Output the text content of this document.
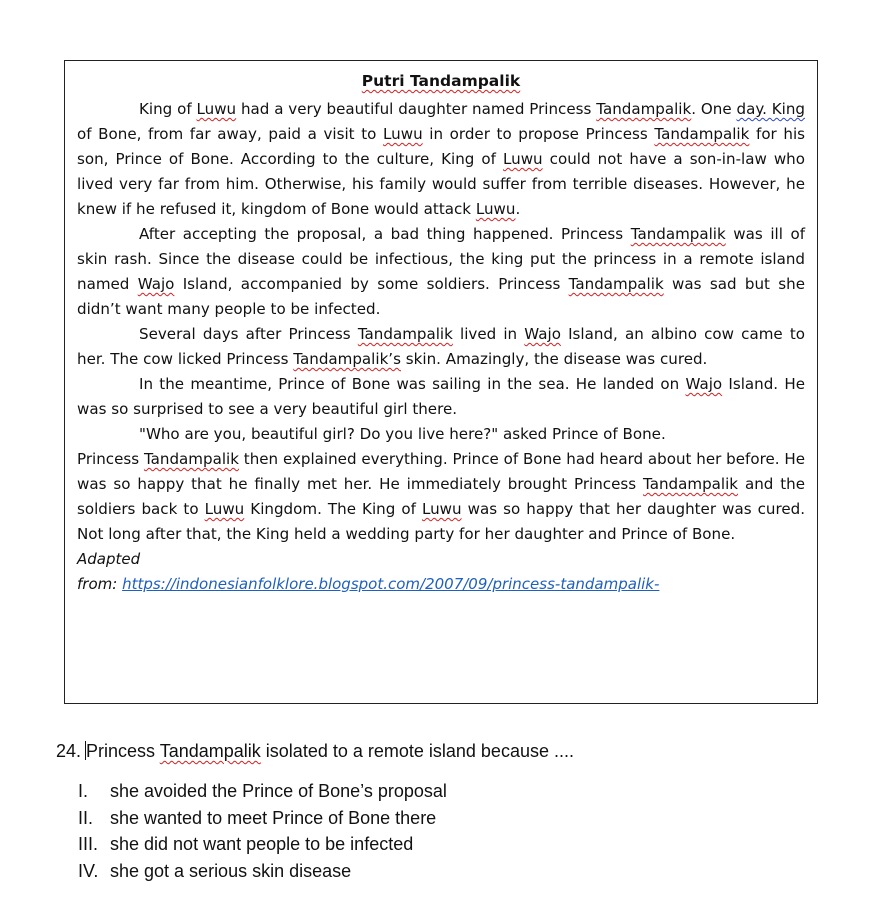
Putri Tandampalik

King of Luwu had a very beautiful daughter named Princess Tandampalik. One day. King of Bone, from far away, paid a visit to Luwu in order to propose Princess Tandampalik for his son, Prince of Bone. According to the culture, King of Luwu could not have a son-in-law who lived very far from him. Otherwise, his family would suffer from terrible diseases. However, he knew if he refused it, kingdom of Bone would attack Luwu.

After accepting the proposal, a bad thing happened. Princess Tandampalik was ill of skin rash. Since the disease could be infectious, the king put the princess in a remote island named Wajo Island, accompanied by some soldiers. Princess Tandampalik was sad but she didn’t want many people to be infected.

Several days after Princess Tandampalik lived in Wajo Island, an albino cow came to her. The cow licked Princess Tandampalik’s skin. Amazingly, the disease was cured.

In the meantime, Prince of Bone was sailing in the sea. He landed on Wajo Island. He was so surprised to see a very beautiful girl there.

"Who are you, beautiful girl? Do you live here?" asked Prince of Bone.

Princess Tandampalik then explained everything. Prince of Bone had heard about her before. He was so happy that he finally met her. He immediately brought Princess Tandampalik and the soldiers back to Luwu Kingdom. The King of Luwu was so happy that her daughter was cured. Not long after that, the King held a wedding party for her daughter and Prince of Bone.

Adapted

from: https://indonesianfolklore.blogspot.com/2007/09/princess-tandampalik-

24. Princess Tandampalik isolated to a remote island because ....

I.	she avoided the Prince of Bone’s proposal
II. she wanted to meet Prince of Bone there
III. she did not want people to be infected
IV. she got a serious skin disease
